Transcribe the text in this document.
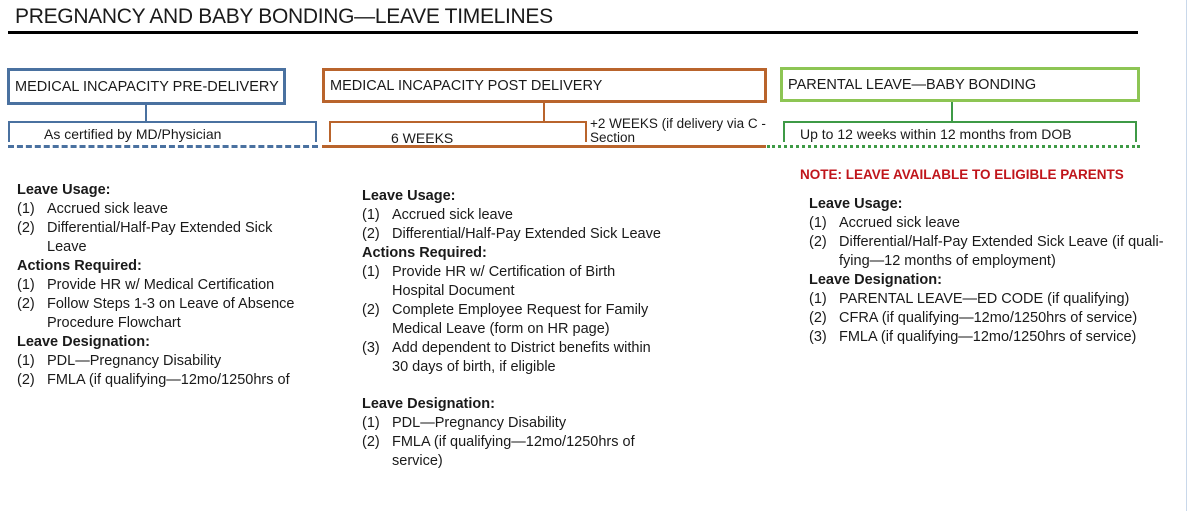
PREGNANCY AND BABY BONDING—LEAVE TIMELINES
MEDICAL INCAPACITY PRE-DELIVERY
As certified by MD/Physician
MEDICAL INCAPACITY POST DELIVERY
6 WEEKS
+2 WEEKS (if delivery via C -Section
PARENTAL LEAVE—BABY BONDING
Up to 12 weeks within 12 months from DOB
NOTE: LEAVE AVAILABLE TO ELIGIBLE PARENTS
Leave Usage:
(1) Accrued sick leave
(2) Differential/Half-Pay Extended Sick Leave
Actions Required:
(1) Provide HR w/ Medical Certification
(2) Follow Steps 1-3 on Leave of Absence Procedure Flowchart
Leave Designation:
(1) PDL—Pregnancy Disability
(2) FMLA (if qualifying—12mo/1250hrs of
Leave Usage:
(1) Accrued sick leave
(2) Differential/Half-Pay Extended Sick Leave
Actions Required:
(1) Provide HR w/ Certification of Birth Hospital Document
(2) Complete Employee Request for Family Medical Leave (form on HR page)
(3) Add dependent to District benefits within 30 days of birth, if eligible
Leave Designation:
(1) PDL—Pregnancy Disability
(2) FMLA (if qualifying—12mo/1250hrs of service)
Leave Usage:
(1) Accrued sick leave
(2) Differential/Half-Pay Extended Sick Leave (if quali-fying—12 months of employment)
Leave Designation:
(1) PARENTAL LEAVE—ED CODE (if qualifying)
(2) CFRA (if qualifying—12mo/1250hrs of service)
(3) FMLA (if qualifying—12mo/1250hrs of service)
